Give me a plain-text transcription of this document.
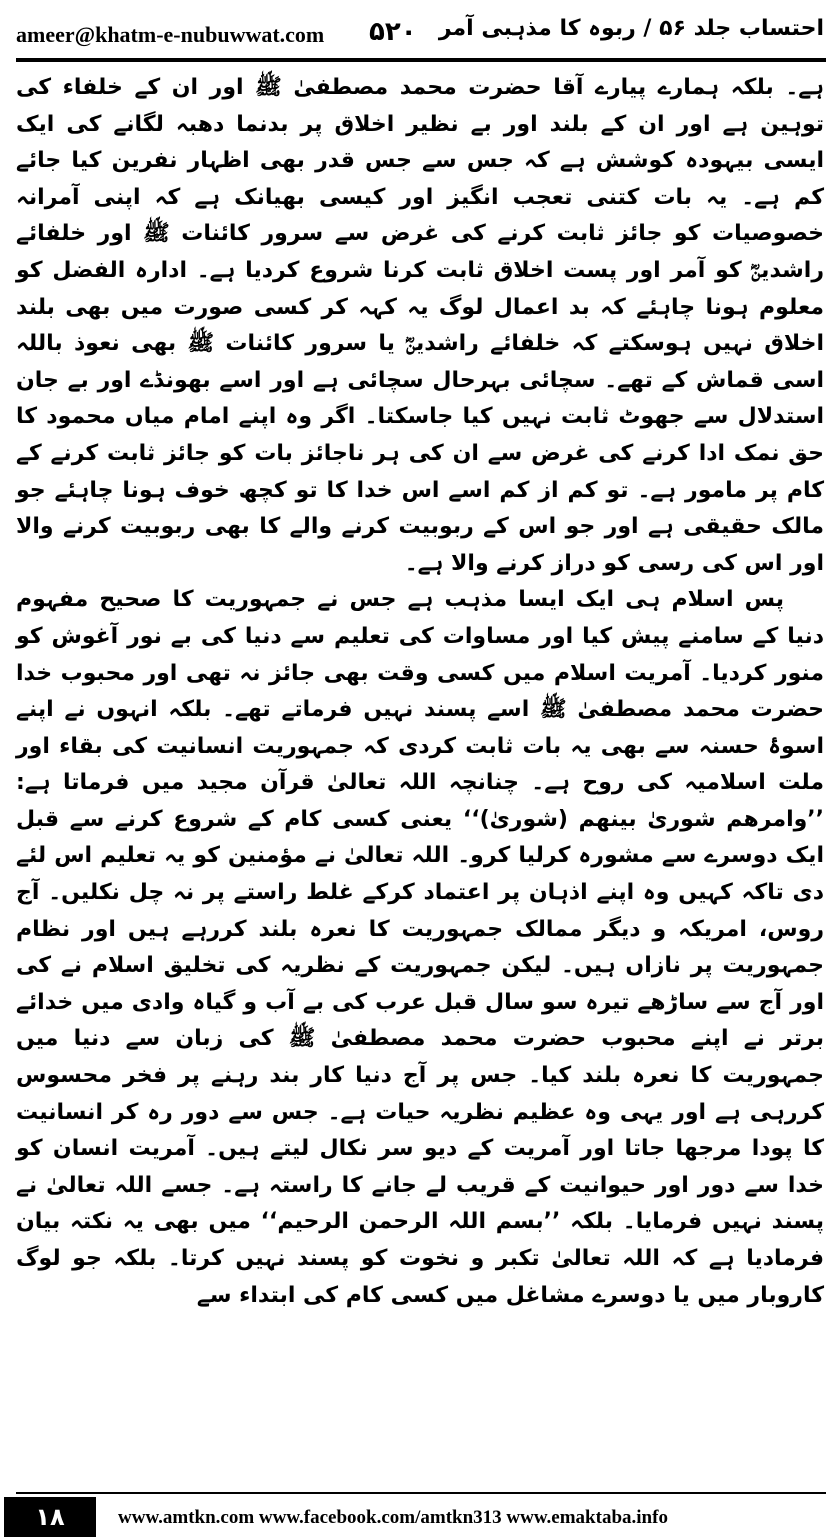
ameer@khatm-e-nubuwwat.com ۵۲۰ احتساب جلد ۵۶ / ربوہ کا مذہبی آمر

ہے۔ بلکہ ہمارے پیارے آقا حضرت محمد مصطفیٰ ﷺ اور ان کے خلفاء کی توہین ہے اور ان کے بلند اور بے نظیر اخلاق پر بدنما دھبہ لگانے کی ایک ایسی بیہودہ کوشش ہے کہ جس سے جس قدر بھی اظہار نفرین کیا جائے کم ہے۔ یہ بات کتنی تعجب انگیز اور کیسی بھیانک ہے کہ اپنی آمرانہ خصوصیات کو جائز ثابت کرنے کی غرض سے سرور کائنات ﷺ اور خلفائے راشدینؓ کو آمر اور پست اخلاق ثابت کرنا شروع کردیا ہے۔ ادارہ الفضل کو معلوم ہونا چاہئے کہ بد اعمال لوگ یہ کہہ کر کسی صورت میں بھی بلند اخلاق نہیں ہوسکتے کہ خلفائے راشدینؓ یا سرور کائنات ﷺ بھی نعوذ باللہ اسی قماش کے تھے۔ سچائی بہرحال سچائی ہے اور اسے بھونڈے اور بے جان استدلال سے جھوٹ ثابت نہیں کیا جاسکتا۔ اگر وہ اپنے امام میاں محمود کا حق نمک ادا کرنے کی غرض سے ان کی ہر ناجائز بات کو جائز ثابت کرنے کے کام پر مامور ہے۔ تو کم از کم اسے اس خدا کا تو کچھ خوف ہونا چاہئے جو مالک حقیقی ہے اور جو اس کے ربوبیت کرنے والے کا بھی ربوبیت کرنے والا اور اس کی رسی کو دراز کرنے والا ہے۔

پس اسلام ہی ایک ایسا مذہب ہے جس نے جمہوریت کا صحیح مفہوم دنیا کے سامنے پیش کیا اور مساوات کی تعلیم سے دنیا کی بے نور آغوش کو منور کردیا۔ آمریت اسلام میں کسی وقت بھی جائز نہ تھی اور محبوب خدا حضرت محمد مصطفیٰ ﷺ اسے پسند نہیں فرماتے تھے۔ بلکہ انہوں نے اپنے اسوۂ حسنہ سے بھی یہ بات ثابت کردی کہ جمہوریت انسانیت کی بقاء اور ملت اسلامیہ کی روح ہے۔ چنانچہ اللہ تعالیٰ قرآن مجید میں فرماتا ہے: ’’وامرھم شوریٰ بینھم (شوریٰ)‘‘ یعنی کسی کام کے شروع کرنے سے قبل ایک دوسرے سے مشورہ کرلیا کرو۔ اللہ تعالیٰ نے مؤمنین کو یہ تعلیم اس لئے دی تاکہ کہیں وہ اپنے اذہان پر اعتماد کرکے غلط راستے پر نہ چل نکلیں۔ آج روس، امریکہ و دیگر ممالک جمہوریت کا نعرہ بلند کررہے ہیں اور نظام جمہوریت پر نازاں ہیں۔ لیکن جمہوریت کے نظریہ کی تخلیق اسلام نے کی اور آج سے ساڑھے تیرہ سو سال قبل عرب کی بے آب و گیاہ وادی میں خدائے برتر نے اپنے محبوب حضرت محمد مصطفیٰ ﷺ کی زبان سے دنیا میں جمہوریت کا نعرہ بلند کیا۔ جس پر آج دنیا کار بند رہنے پر فخر محسوس کررہی ہے اور یہی وہ عظیم نظریہ حیات ہے۔ جس سے دور رہ کر انسانیت کا پودا مرجھا جاتا اور آمریت کے دیو سر نکال لیتے ہیں۔ آمریت انسان کو خدا سے دور اور حیوانیت کے قریب لے جانے کا راستہ ہے۔ جسے اللہ تعالیٰ نے پسند نہیں فرمایا۔ بلکہ ’’بسم اللہ الرحمن الرحیم‘‘ میں بھی یہ نکتہ بیان فرمادیا ہے کہ اللہ تعالیٰ تکبر و نخوت کو پسند نہیں کرتا۔ بلکہ جو لوگ کاروبار میں یا دوسرے مشاغل میں کسی کام کی ابتداء سے

۱۸	www.amtkn.com www.facebook.com/amtkn313 www.emaktaba.info
